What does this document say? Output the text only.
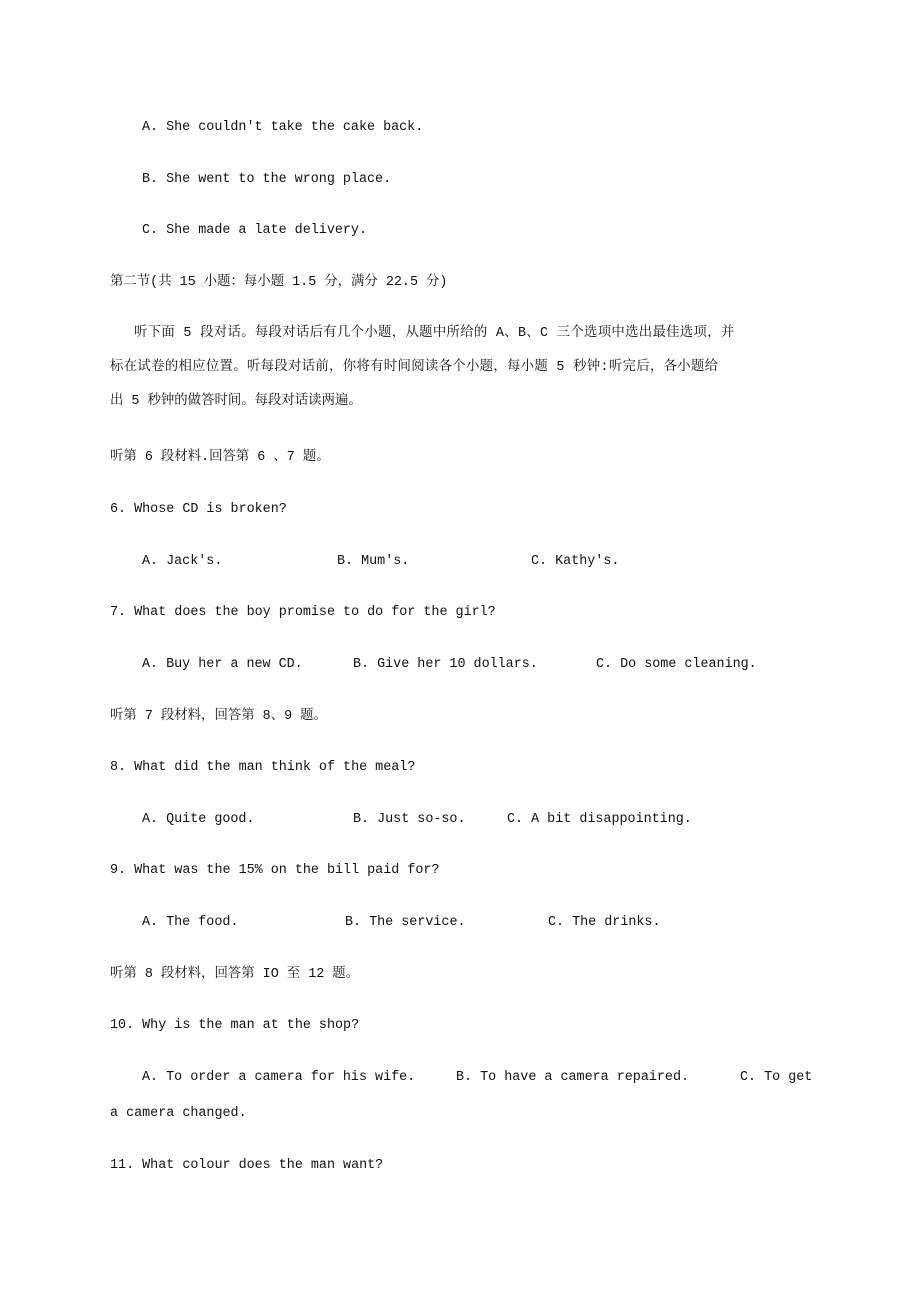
A. She couldn't take the cake back.
B. She went to the wrong place.
C. She made a late delivery.
第二节(共 15 小题：每小题 1.5 分，满分 22.5 分)
听下面 5 段对话。每段对话后有几个小题，从题中所给的 A、B、C 三个选项中选出最佳选项，并
标在试卷的相应位置。听每段对话前，你将有时间阅读各个小题，每小题 5 秒钟:听完后，各小题给
出 5 秒钟的做答时间。每段对话读两遍。
听第 6 段材料.回答第 6 、7 题。
6. Whose CD is broken?
A. Jack's.	B. Mum's.	C. Kathy's.
7. What does the boy promise to do for the girl?
A. Buy her a new CD.	B. Give her 10 dollars.	C. Do some cleaning.
听第 7 段材料，回答第 8、9 题。
8. What did the man think of the meal?
A. Quite good.	B. Just so-so.	C. A bit disappointing.
9. What was the 15% on the bill paid for?
A. The food.	B. The service.	C. The drinks.
听第 8 段材料，回答第 IO 至 12 题。
10. Why is the man at the shop?
A. To order a camera for his wife.	B. To have a camera repaired.	C. To get
a camera changed.
11. What colour does the man want?
